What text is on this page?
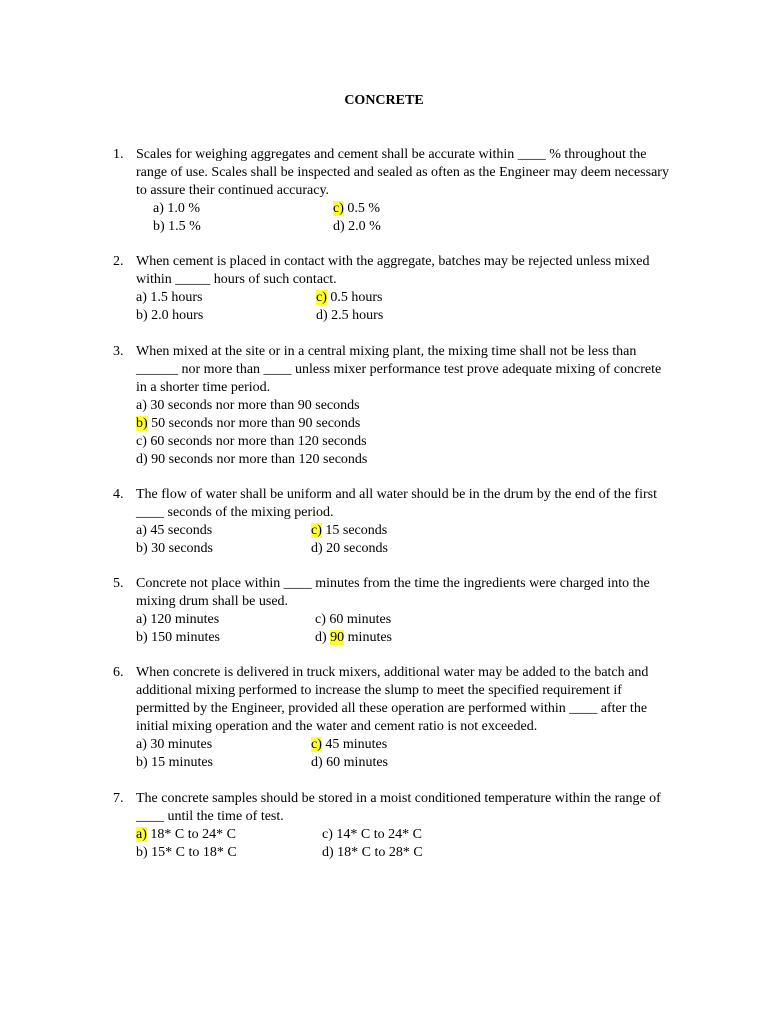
CONCRETE
1. Scales for weighing aggregates and cement shall be accurate within ____ % throughout the
range of use. Scales shall be inspected and sealed as often as the Engineer may deem necessary
to assure their continued accuracy.
a) 1.0 %	c) 0.5 %
b) 1.5 %	d) 2.0 %
2. When cement is placed in contact with the aggregate, batches may be rejected unless mixed
within _____ hours of such contact.
a) 1.5 hours	c) 0.5 hours
b) 2.0 hours	d) 2.5 hours
3. When mixed at the site or in a central mixing plant, the mixing time shall not be less than
______ nor more than ____ unless mixer performance test prove adequate mixing of concrete
in a shorter time period.
a) 30 seconds nor more than 90 seconds
b) 50 seconds nor more than 90 seconds
c) 60 seconds nor more than 120 seconds
d) 90 seconds nor more than 120 seconds
4. The flow of water shall be uniform and all water should be in the drum by the end of the first
____ seconds of the mixing period.
a) 45 seconds	c) 15 seconds
b) 30 seconds	d) 20 seconds
5. Concrete not place within ____ minutes from the time the ingredients were charged into the
mixing drum shall be used.
a) 120 minutes	c) 60 minutes
b) 150 minutes	d) 90 minutes
6. When concrete is delivered in truck mixers, additional water may be added to the batch and
additional mixing performed to increase the slump to meet the specified requirement if
permitted by the Engineer, provided all these operation are performed within ____ after the
initial mixing operation and the water and cement ratio is not exceeded.
a) 30 minutes	c) 45 minutes
b) 15 minutes	d) 60 minutes
7. The concrete samples should be stored in a moist conditioned temperature within the range of
____ until the time of test.
a) 18* C to 24* C	c) 14* C to 24* C
b) 15* C to 18* C	d) 18* C to 28* C
